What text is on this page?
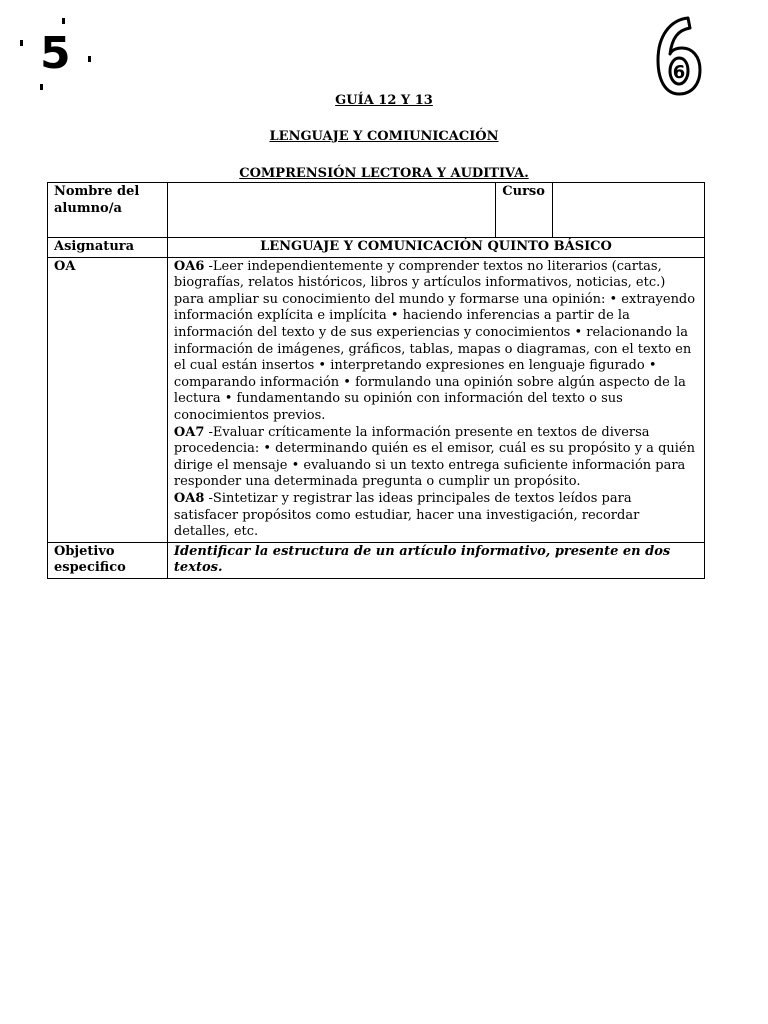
5	6
GUÍA 12 Y 13
LENGUAJE Y COMIUNICACIÓN
COMPRENSIÓN LECTORA Y AUDITIVA.
Nombre del alumno/a		Curso	
Asignatura	LENGUAJE Y COMUNICACIÓN QUINTO BÁSICO		
OA	OA6 -Leer independientemente y comprender textos no literarios (cartas, biografías, relatos históricos, libros y artículos informativos, noticias, etc.) para ampliar su conocimiento del mundo y formarse una opinión: • extrayendo información explícita e implícita • haciendo inferencias a partir de la información del texto y de sus experiencias y conocimientos • relacionando la información de imágenes, gráficos, tablas, mapas o diagramas, con el texto en el cual están insertos • interpretando expresiones en lenguaje figurado • comparando información • formulando una opinión sobre algún aspecto de la lectura • fundamentando su opinión con información del texto o sus conocimientos previos.
OA7 -Evaluar críticamente la información presente en textos de diversa procedencia: • determinando quién es el emisor, cuál es su propósito y a quién dirige el mensaje • evaluando si un texto entrega suficiente información para responder una determinada pregunta o cumplir un propósito.
OA8 -Sintetizar y registrar las ideas principales de textos leídos para satisfacer propósitos como estudiar, hacer una investigación, recordar detalles, etc.		

Objetivo especifico	Identificar la estructura de un artículo informativo, presente en dos textos.		
